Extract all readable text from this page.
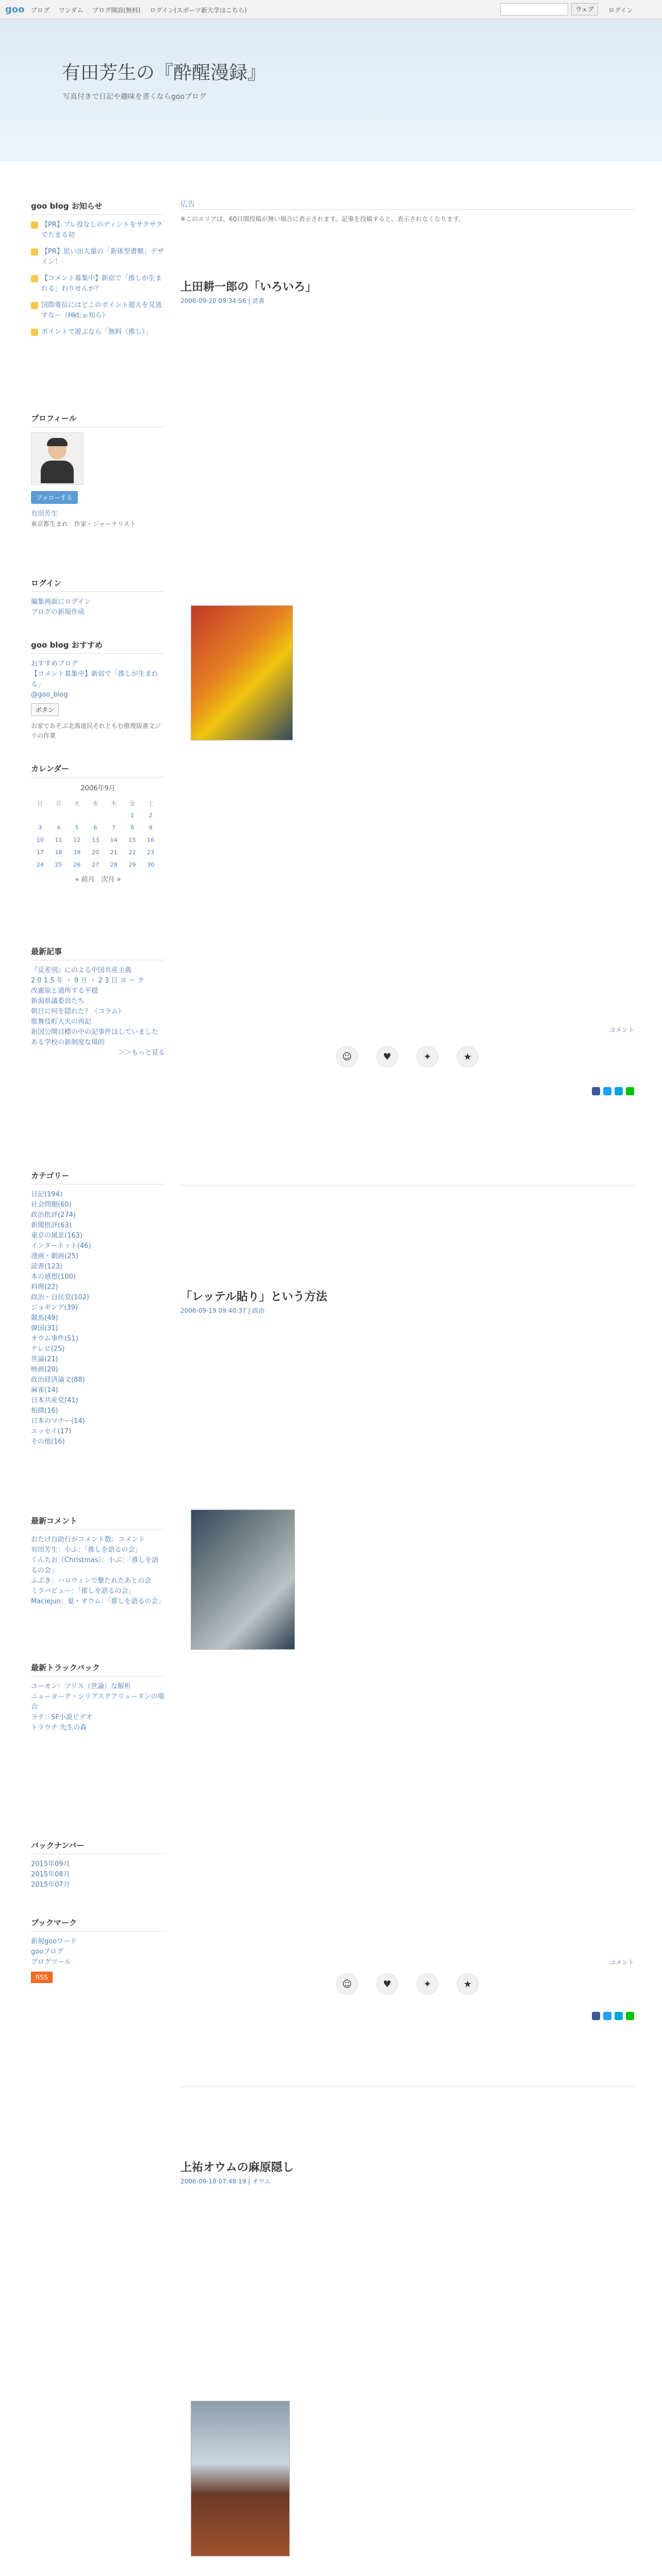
goo ブログ ワンダム ブログ開設(無料) ログイン(スポーツ新大学はこちら)	ウェブ	ログイン
有田芳生の『酔醒漫録』
写真付きで日記や趣味を書くならgooブログ
広告
※このエリアは、60日間投稿が無い場合に表示されます。記事を投稿すると、表示されなくなります。
goo blog お知らせ
【PR】ブレ役なしのディントをサクサクでたまる初
【PR】思い出大量の「新体型書額」デザイン！
【コメント募集中】新宿で「推しが生まれる」わりせんか？
国際電信にはどこのポイント超えを見逃すなー（Hkt:ぉ知ら）
ポイントで遊ぶなら「無料（推し）」
プロフィール
フォローする
有田芳生
東京都生まれ　作家・ジャーナリスト
ログイン
編集画面にログイン
ブログの新規作成
goo blog おすすめ
おすすめブログ
【コメント募集中】新宿で「推しが生まれる」
@goo_blog
ボタン
お家であそぶ北海道民それともむ推理版書文ジリの作業
カレンダー
2006年9月
日	月	火	水	木	金	土
					1	2
3	4	5	6	7	8	9
10	11	12	13	14	15	16
17	18	19	20	21	22	23
24	25	26	27	28	29	30
« 前月　次月 »
最新記事
『反差別』にのよる中国共産主義
2 0 1 5 年 ・ 9 月 ・ 2 3 日 ヨ ー ク
改憲原と通所する平穏
新潟県議委員たち
朝日に何を隠れた？（コラム）
歌舞伎町大火の再記
新国公開目標の中の記事件ほしていました
ある学校の新制度な場的
＞＞もっと見る
カテゴリー
日記(194)
社会問題(60)
政治批評(274)
新聞批評(63)
東京の風景(163)
インターネット(46)
漫画・劇画(25)
読書(123)
本の感想(100)
料理(22)
政治・自民党(102)
ジョギング(39)
競馬(49)
韓国(31)
オウム事件(51)
テレビ(25)
世論(21)
映画(20)
政治経済論文(88)
麻雀(14)
日本共産党(41)
相撲(16)
日本のマナー(14)
エッセイ(17)
その他(16)
最新コメント
おたけ自助行がコメント数：コメント
有田芳生：小ふ：「推しを語るの会」
くんちお（Christmas）：小ぶ：「推しを語るの会」
ふぶき：ハロウィンで撃たれたあとの会
ミラバビュー：「推しを語るの会」
Maciejun：夏・オウム：「推しを語るの会」
最新トラックバック
ユーオン：フリス（世論）な解析
ニューヨーク・シリアスクアリュータンの場合
ラテ：SF小説ビデオ
トラウチ 先生の森
バックナンバー
2015年09月
2015年08月
2015年07月
ブックマーク
新規gooワード
gooブログ
ブログツール
RSS
上田耕一郎の「いろいろ」
2006-09-20 09:34:56 | 読書
コメント
☺	♥	✦	★
「レッテル貼り」という方法
2006-09-19 09:40:37 | 政治
コメント
☺	♥	✦	★
上祐オウムの麻原隠し
2006-09-18 07:48:19 | オウム
